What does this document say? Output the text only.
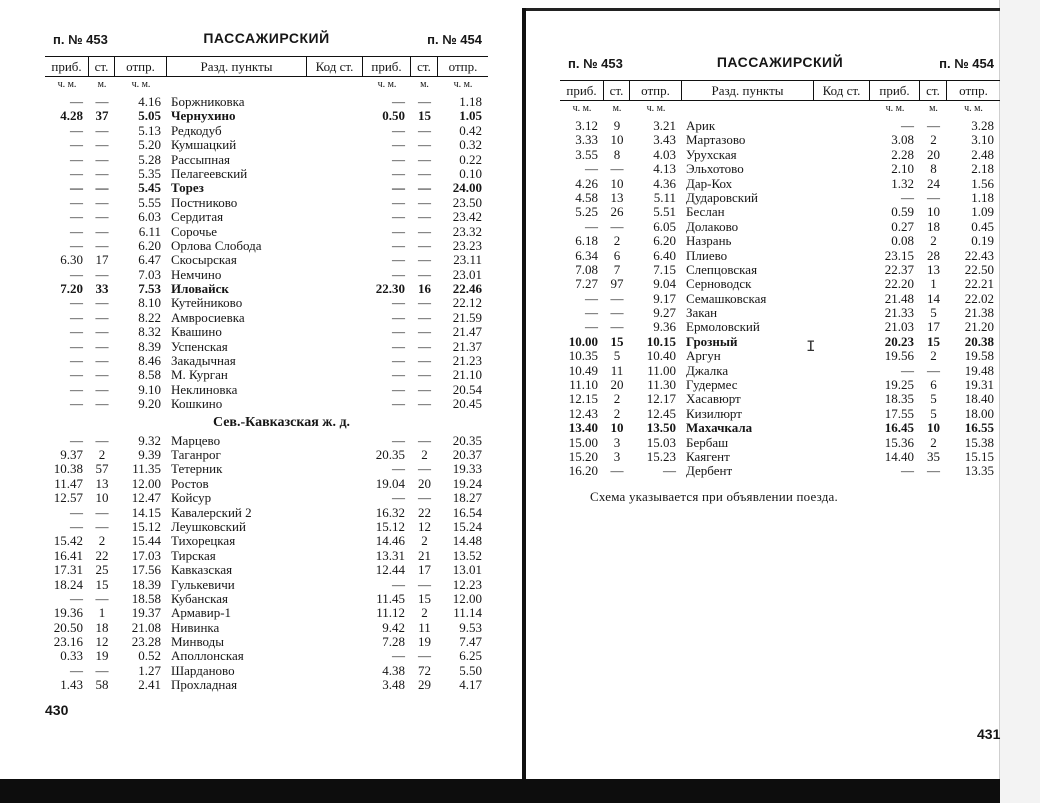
п. № 453	ПАССАЖИРСКИЙ	п. № 454
приб. ст.	отпр.	Разд. пункты	Код ст.	приб.	ст.	отпр.
ч. м.	м.	ч. м.	ч. м.	м.	ч. м.
— —	4.16 Боржниковка	—	—	1.18
4.28 37	5.05 Чернухино	0.50	15	1.05
— —	5.13 Редкодуб	—	—	0.42
— —	5.20 Кумшацкий	—	—	0.32
— —	5.28 Рассыпная	—	—	0.22
— —	5.35 Пелагеевский	—	—	0.10
— —	5.45 Торез	—	—	24.00
— —	5.55 Постниково	—	—	23.50
— —	6.03 Сердитая	—	—	23.42
— —	6.11 Сорочье	—	—	23.32
— —	6.20 Орлова Слобода	—	—	23.23
6.30 17	6.47 Скосырская	—	—	23.11
— —	7.03 Немчино	—	—	23.01
7.20 33	7.53 Иловайск	22.30	16	22.46
— —	8.10 Кутейниково	—	—	22.12
— —	8.22 Амвросиевка	—	—	21.59
— —	8.32 Квашино	—	—	21.47
— —	8.39 Успенская	—	—	21.37
— —	8.46 Закадычная	—	—	21.23
— —	8.58 М. Курган	—	—	21.10
— —	9.10 Неклиновка	—	—	20.54
— —	9.20 Кошкино	—	—	20.45
Сев.-Кавказская ж. д.
— —	9.32 Марцево	—	—	20.35
9.37	2	9.39 Таганрог	20.35	2	20.37
10.38 57	11.35 Тетерник	—	—	19.33
11.47 13	12.00 Ростов	19.04	20	19.24
12.57 10	12.47 Койсур	—	—	18.27
— —	14.15 Кавалерский 2	16.32	22	16.54
— —	15.12 Леушковский	15.12	12	15.24
15.42	2	15.44 Тихорецкая	14.46	2	14.48
16.41 22	17.03 Тирская	13.31	21	13.52
17.31 25	17.56 Кавказская	12.44	17	13.01
18.24 15	18.39 Гулькевичи	—	—	12.23
— —	18.58 Кубанская	11.45	15	12.00
19.36	1	19.37 Армавир-1	11.12	2	11.14
20.50 18	21.08 Нивинка	9.42	11	9.53
23.16 12	23.28 Минводы	7.28	19	7.47
0.33 19	0.52 Аполлонская	—	—	6.25
— —	1.27 Шарданово	4.38	72	5.50
1.43 58	2.41 Прохладная	3.48	29	4.17
430
п. № 453	ПАССАЖИРСКИЙ	п. № 454
приб. ст.	отпр.	Разд. пункты	Код ст.	приб.	ст.	отпр.
ч. м.	м.	ч. м.	ч. м.	м.	ч. м.
3.12	9	3.21 Арик	—	—	3.28
3.33 10	3.43 Мартазово	3.08	2	3.10
3.55	8	4.03 Урухская	2.28	20	2.48
— —	4.13 Эльхотово	2.10	8	2.18
4.26 10	4.36 Дар-Кох	1.32	24	1.56
4.58 13	5.11 Дударовский	—	—	1.18
5.25 26	5.51 Беслан	0.59	10	1.09
— —	6.05 Долаково	0.27	18	0.45
6.18	2	6.20 Назрань	0.08	2	0.19
6.34	6	6.40 Плиево	23.15	28	22.43
7.08	7	7.15 Слепцовская	22.37	13	22.50
7.27 97	9.04 Серноводск	22.20	1	22.21
— —	9.17 Семашковская	21.48	14	22.02
— —	9.27 Закан	21.33	5	21.38
— —	9.36 Ермоловский	21.03	17	21.20
10.00 15	10.15 Грозный	20.23	15	20.38
10.35	5	10.40 Аргун	19.56	2	19.58
10.49 11	11.00 Джалка	—	—	19.48
11.10 20	11.30 Гудермес	19.25	6	19.31
12.15	2	12.17 Хасавюрт	18.35	5	18.40
12.43	2	12.45 Кизилюрт	17.55	5	18.00
13.40 10	13.50 Махачкала	16.45	10	16.55
15.00	3	15.03 Бербаш	15.36	2	15.38
15.20	3	15.23 Каягент	14.40	35	15.15
16.20 —	— Дербент	—	—	13.35
Схема указывается при объявлении поезда.
431
I
